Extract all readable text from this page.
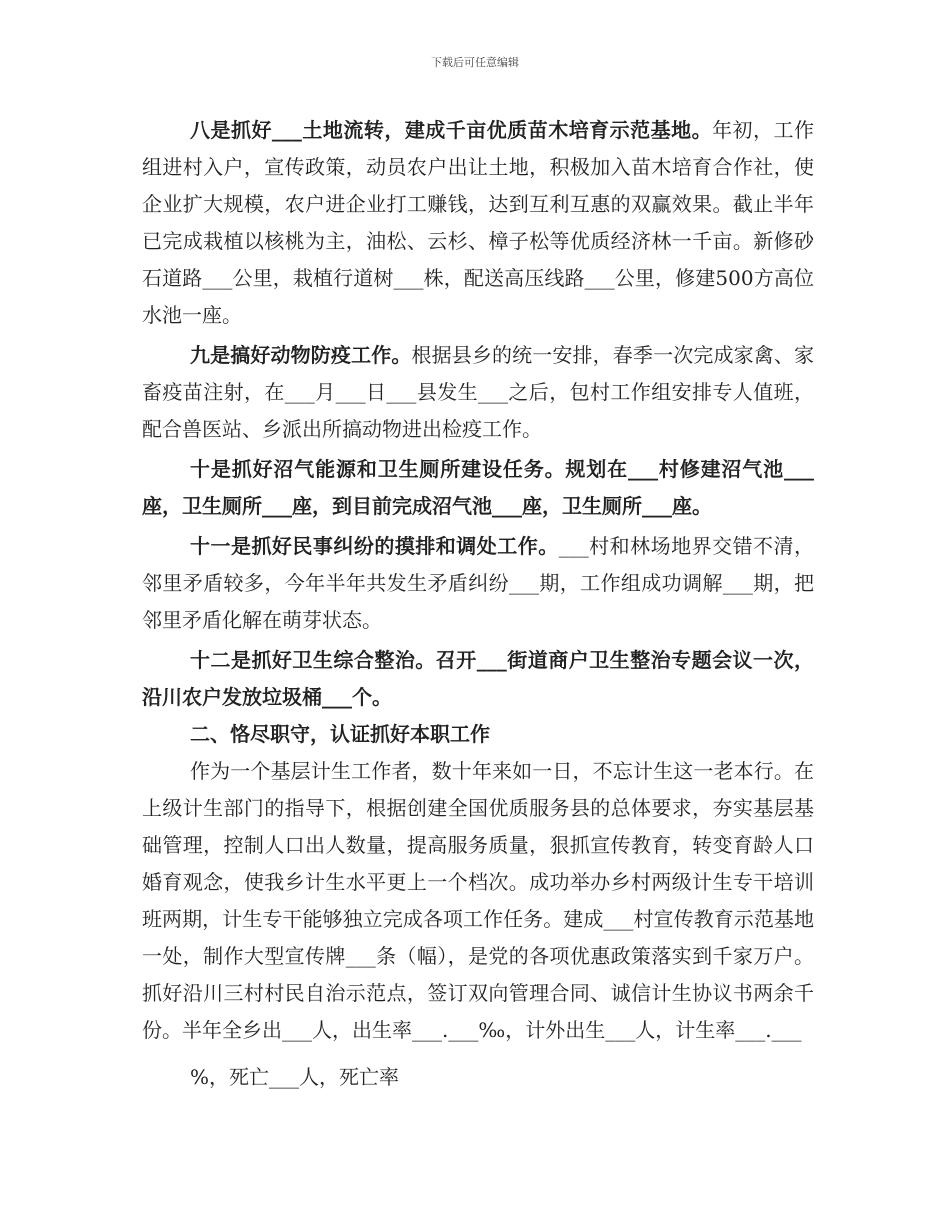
下载后可任意编辑

八是抓好___土地流转，建成千亩优质苗木培育示范基地。年初，工作组进村入户，宣传政策，动员农户出让土地，积极加入苗木培育合作社，使企业扩大规模，农户进企业打工赚钱，达到互利互惠的双赢效果。截止半年已完成栽植以核桃为主，油松、云杉、樟子松等优质经济林一千亩。新修砂石道路___公里，栽植行道树___株，配送高压线路___公里，修建500方高位水池一座。

九是搞好动物防疫工作。根据县乡的统一安排，春季一次完成家禽、家畜疫苗注射，在___月___日___县发生___之后，包村工作组安排专人值班，配合兽医站、乡派出所搞动物进出检疫工作。

十是抓好沼气能源和卫生厕所建设任务。规划在___村修建沼气池___座，卫生厕所___座，到目前完成沼气池___座，卫生厕所___座。

十一是抓好民事纠纷的摸排和调处工作。___村和林场地界交错不清，邻里矛盾较多，今年半年共发生矛盾纠纷___期，工作组成功调解___期，把邻里矛盾化解在萌芽状态。

十二是抓好卫生综合整治。召开___街道商户卫生整治专题会议一次，沿川农户发放垃圾桶___个。

二、恪尽职守，认证抓好本职工作

作为一个基层计生工作者，数十年来如一日，不忘计生这一老本行。在上级计生部门的指导下，根据创建全国优质服务县的总体要求，夯实基层基础管理，控制人口出人数量，提高服务质量，狠抓宣传教育，转变育龄人口婚育观念，使我乡计生水平更上一个档次。成功举办乡村两级计生专干培训班两期，计生专干能够独立完成各项工作任务。建成___村宣传教育示范基地一处，制作大型宣传牌___条（幅），是党的各项优惠政策落实到千家万户。抓好沿川三村村民自治示范点，签订双向管理合同、诚信计生协议书两余千份。半年全乡出___人，出生率___.___‰，计外出生___人，计生率___.___

%，死亡___人，死亡率
